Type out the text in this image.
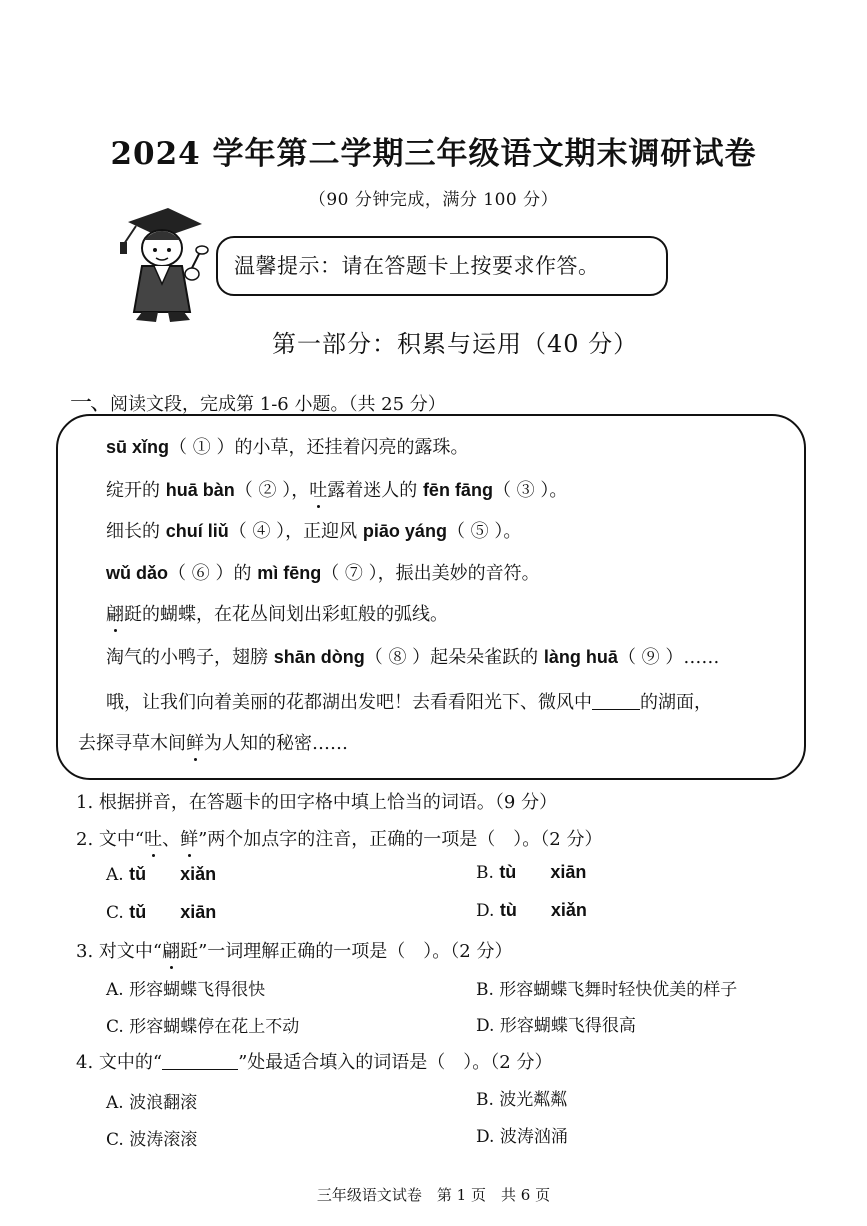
2024 学年第二学期三年级语文期末调研试卷
（90 分钟完成，满分 100 分）
温馨提示：请在答题卡上按要求作答。
第一部分：积累与运用（40 分）
一、阅读文段，完成第 1-6 小题。（共 25 分）
sū xǐng（ ① ）的小草，还挂着闪亮的露珠。
绽开的 huā bàn（ ② ），吐露着迷人的 fēn fāng（ ③ ）。
细长的 chuí liǔ（ ④ ），正迎风 piāo yáng（ ⑤ ）。
wǔ dǎo（ ⑥ ）的 mì fēng（ ⑦ ），振出美妙的音符。
翩跹的蝴蝶，在花丛间划出彩虹般的弧线。
淘气的小鸭子，翅膀 shān dòng（ ⑧ ）起朵朵雀跃的 làng huā（ ⑨ ）……
哦，让我们向着美丽的花都湖出发吧！去看看阳光下、微风中	的湖面，
去探寻草木间鲜为人知的秘密……
1. 根据拼音，在答题卡的田字格中填上恰当的词语。（9 分）
2. 文中“吐、鲜”两个加点字的注音，正确的一项是（　）。（2 分）
A. tǔ xiǎn	B. tù xiān
C. tǔ xiān	D. tù xiǎn
3. 对文中“翩跹”一词理解正确的一项是（　）。（2 分）
A. 形容蝴蝶飞得很快	B. 形容蝴蝶飞舞时轻快优美的样子
C. 形容蝴蝶停在花上不动	D. 形容蝴蝶飞得很高
4. 文中的“	”处最适合填入的词语是（　）。（2 分）
A. 波浪翻滚	B. 波光粼粼
C. 波涛滚滚	D. 波涛汹涌
三年级语文试卷　第 1 页　共 6 页
